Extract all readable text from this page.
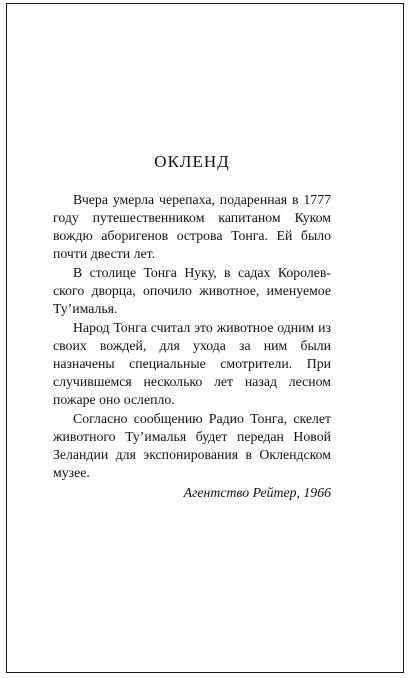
ОКЛЕНД

Вчера умерла черепаха, подаренная в 1777 году путешественником капитаном Куком вождю аборигенов острова Тонга. Ей было почти двести лет.

В столице Тонга Нуку, в садах Королевского дворца, опочило животное, именуемое Ту’ималья.

Народ Тонга считал это животное одним из своих вождей, для ухода за ним были назначены специальные смотрители. При случившемся несколько лет назад лесном пожаре оно ослепло.

Согласно сообщению Радио Тонга, скелет животного Ту’ималья будет передан Новой Зеландии для экспонирования в Оклендском музее.

Агентство Рейтер, 1966
